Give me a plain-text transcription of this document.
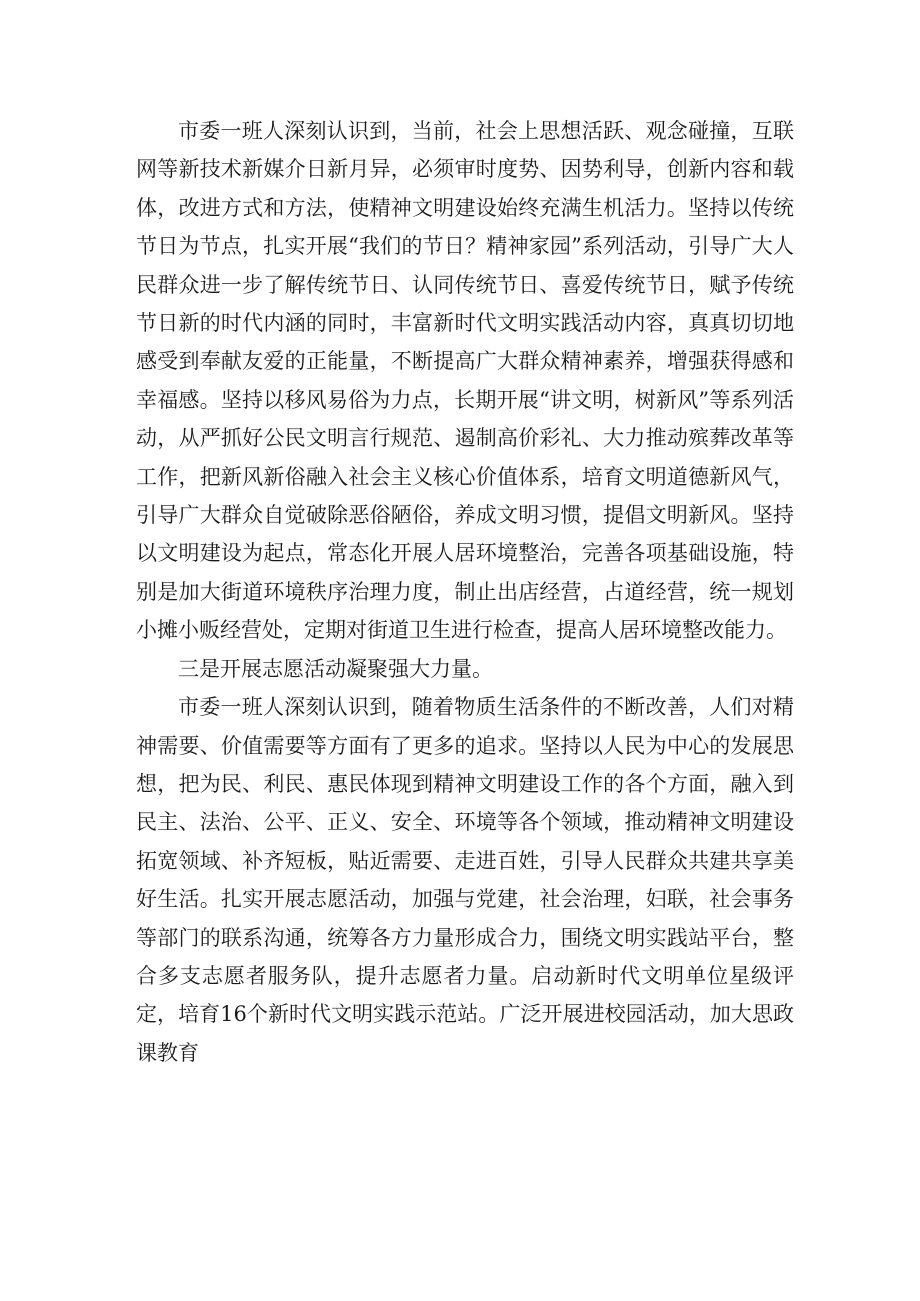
市委一班人深刻认识到，当前，社会上思想活跃、观念碰撞，互联网等新技术新媒介日新月异，必须审时度势、因势利导，创新内容和载体，改进方式和方法，使精神文明建设始终充满生机活力。坚持以传统节日为节点，扎实开展“我们的节日？精神家园”系列活动，引导广大人民群众进一步了解传统节日、认同传统节日、喜爱传统节日，赋予传统节日新的时代内涵的同时，丰富新时代文明实践活动内容，真真切切地感受到奉献友爱的正能量，不断提高广大群众精神素养，增强获得感和幸福感。坚持以移风易俗为力点，长期开展“讲文明，树新风”等系列活动，从严抓好公民文明言行规范、遏制高价彩礼、大力推动殡葬改革等工作，把新风新俗融入社会主义核心价值体系，培育文明道德新风气，引导广大群众自觉破除恶俗陋俗，养成文明习惯，提倡文明新风。坚持以文明建设为起点，常态化开展人居环境整治，完善各项基础设施，特别是加大街道环境秩序治理力度，制止出店经营，占道经营，统一规划小摊小贩经营处，定期对街道卫生进行检查，提高人居环境整改能力。

三是开展志愿活动凝聚强大力量。

市委一班人深刻认识到，随着物质生活条件的不断改善，人们对精神需要、价值需要等方面有了更多的追求。坚持以人民为中心的发展思想，把为民、利民、惠民体现到精神文明建设工作的各个方面，融入到民主、法治、公平、正义、安全、环境等各个领域，推动精神文明建设拓宽领域、补齐短板，贴近需要、走进百姓，引导人民群众共建共享美好生活。扎实开展志愿活动，加强与党建，社会治理，妇联，社会事务等部门的联系沟通，统筹各方力量形成合力，围绕文明实践站平台，整合多支志愿者服务队，提升志愿者力量。启动新时代文明单位星级评定，培育16个新时代文明实践示范站。广泛开展进校园活动，加大思政课教育
